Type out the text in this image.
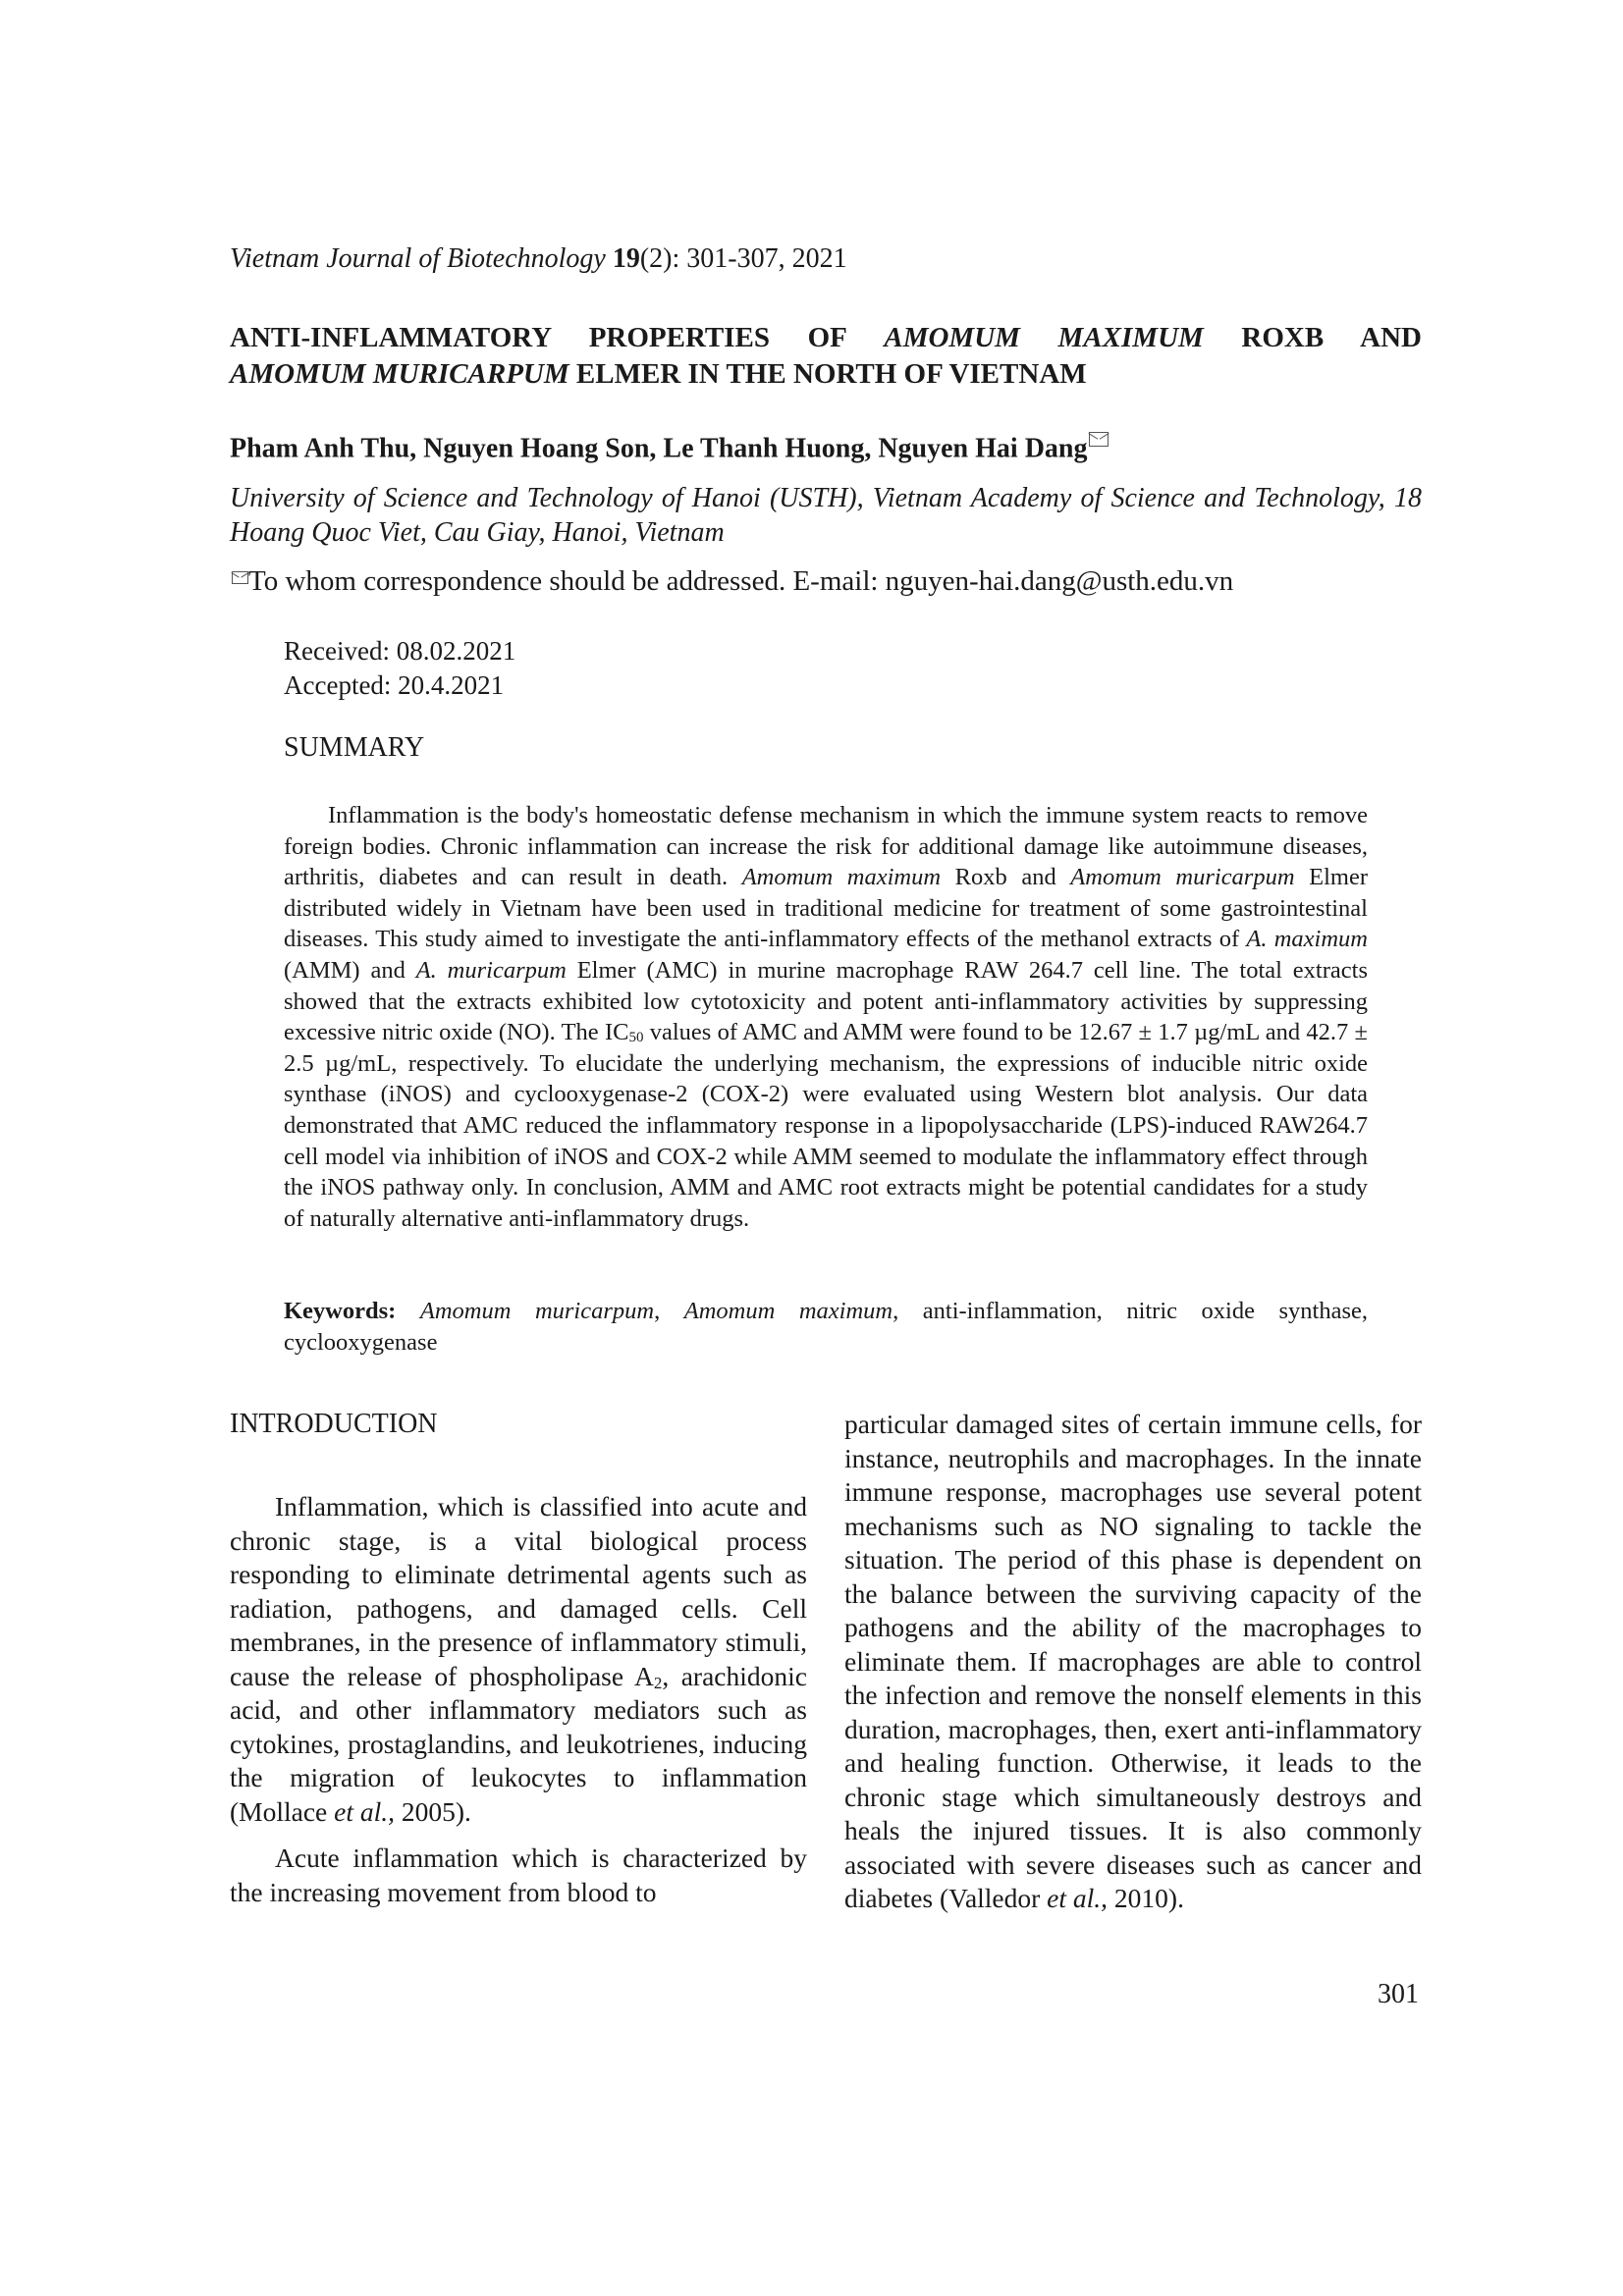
Vietnam Journal of Biotechnology 19(2): 301-307, 2021
ANTI-INFLAMMATORY PROPERTIES OF AMOMUM MAXIMUM ROXB AND
AMOMUM MURICARPUM ELMER IN THE NORTH OF VIETNAM
Pham Anh Thu, Nguyen Hoang Son, Le Thanh Huong, Nguyen Hai Dang
University of Science and Technology of Hanoi (USTH), Vietnam Academy of Science and Technology, 18 Hoang Quoc Viet, Cau Giay, Hanoi, Vietnam
To whom correspondence should be addressed. E-mail: nguyen-hai.dang@usth.edu.vn
Received: 08.02.2021
Accepted: 20.4.2021
SUMMARY
Inflammation is the body's homeostatic defense mechanism in which the immune system reacts to remove foreign bodies. Chronic inflammation can increase the risk for additional damage like autoimmune diseases, arthritis, diabetes and can result in death. Amomum maximum Roxb and Amomum muricarpum Elmer distributed widely in Vietnam have been used in traditional medicine for treatment of some gastrointestinal diseases. This study aimed to investigate the anti-inflammatory effects of the methanol extracts of A. maximum (AMM) and A. muricarpum Elmer (AMC) in murine macrophage RAW 264.7 cell line. The total extracts showed that the extracts exhibited low cytotoxicity and potent anti-inflammatory activities by suppressing excessive nitric oxide (NO). The $IC_{50}$ values of AMC and AMM were found to be 12.67 ± 1.7 µg/mL and 42.7 ± 2.5 µg/mL, respectively. To elucidate the underlying mechanism, the expressions of inducible nitric oxide synthase (iNOS) and cyclooxygenase-2 (COX-2) were evaluated using Western blot analysis. Our data demonstrated that AMC reduced the inflammatory response in a lipopolysaccharide (LPS)-induced RAW264.7 cell model via inhibition of iNOS and COX-2 while AMM seemed to modulate the inflammatory effect through the iNOS pathway only. In conclusion, AMM and AMC root extracts might be potential candidates for a study of naturally alternative anti-inflammatory drugs.
Keywords: Amomum muricarpum, Amomum maximum, anti-inflammation, nitric oxide synthase, cyclooxygenase
INTRODUCTION

Inflammation, which is classified into acute and chronic stage, is a vital biological process responding to eliminate detrimental agents such as radiation, pathogens, and damaged cells. Cell membranes, in the presence of inflammatory stimuli, cause the release of phospholipase $A_2$, arachidonic acid, and other inflammatory mediators such as cytokines, prostaglandins, and leukotrienes, inducing the migration of leukocytes to inflammation (Mollace et al., 2005).

Acute inflammation which is characterized by the increasing movement from blood to

particular damaged sites of certain immune cells, for instance, neutrophils and macrophages. In the innate immune response, macrophages use several potent mechanisms such as NO signaling to tackle the situation. The period of this phase is dependent on the balance between the surviving capacity of the pathogens and the ability of the macrophages to eliminate them. If macrophages are able to control the infection and remove the nonself elements in this duration, macrophages, then, exert anti-inflammatory and healing function. Otherwise, it leads to the chronic stage which simultaneously destroys and heals the injured tissues. It is also commonly associated with severe diseases such as cancer and diabetes (Valledor et al., 2010).
301
